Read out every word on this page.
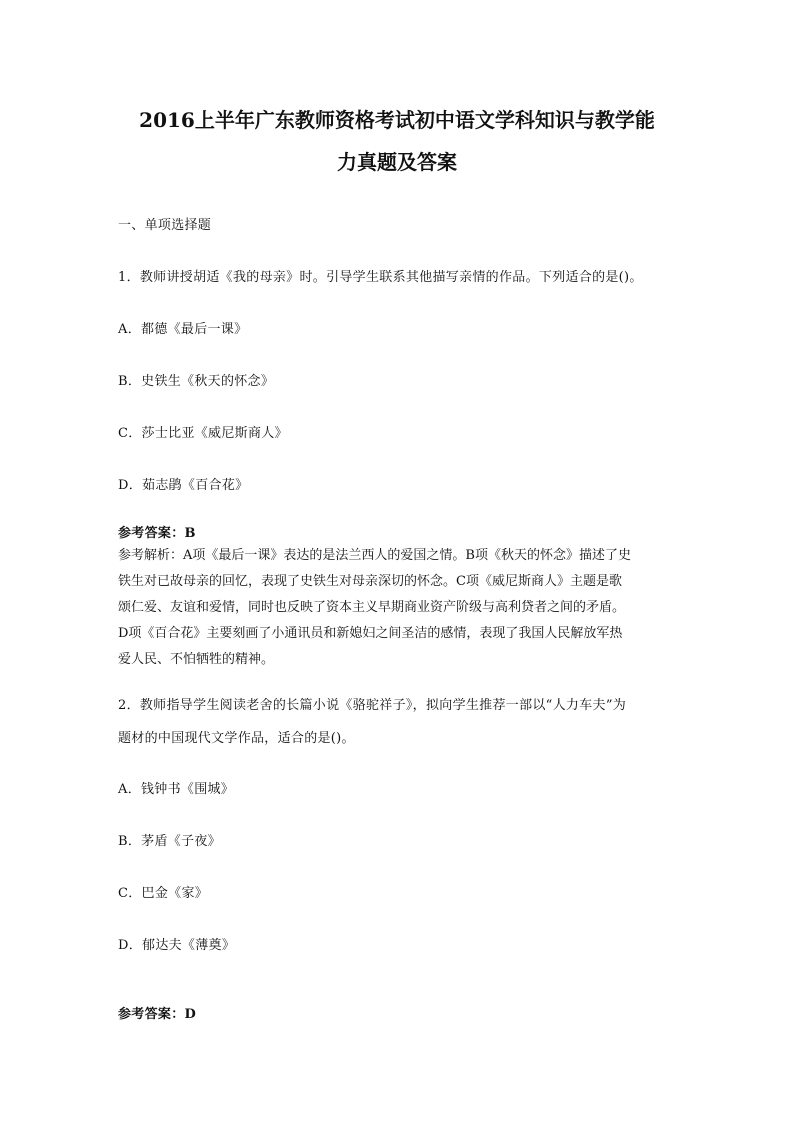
2016上半年广东教师资格考试初中语文学科知识与教学能
力真题及答案
一、单项选择题
1．教师讲授胡适《我的母亲》时。引导学生联系其他描写亲情的作品。下列适合的是()。
A．都德《最后一课》
B．史铁生《秋天的怀念》
C．莎士比亚《威尼斯商人》
D．茹志鹃《百合花》
参考答案：B
参考解析：A项《最后一课》表达的是法兰西人的爱国之情。B项《秋天的怀念》描述了史
铁生对已故母亲的回忆，表现了史铁生对母亲深切的怀念。C项《威尼斯商人》主题是歌
颂仁爱、友谊和爱情，同时也反映了资本主义早期商业资产阶级与高利贷者之间的矛盾。
D项《百合花》主要刻画了小通讯员和新媳妇之间圣洁的感情，表现了我国人民解放军热
爱人民、不怕牺牲的精神。
2．教师指导学生阅读老舍的长篇小说《骆驼祥子》，拟向学生推荐一部以“人力车夫”为
题材的中国现代文学作品，适合的是()。
A．钱钟书《围城》
B．茅盾《子夜》
C．巴金《家》
D．郁达夫《薄奠》
参考答案：D
